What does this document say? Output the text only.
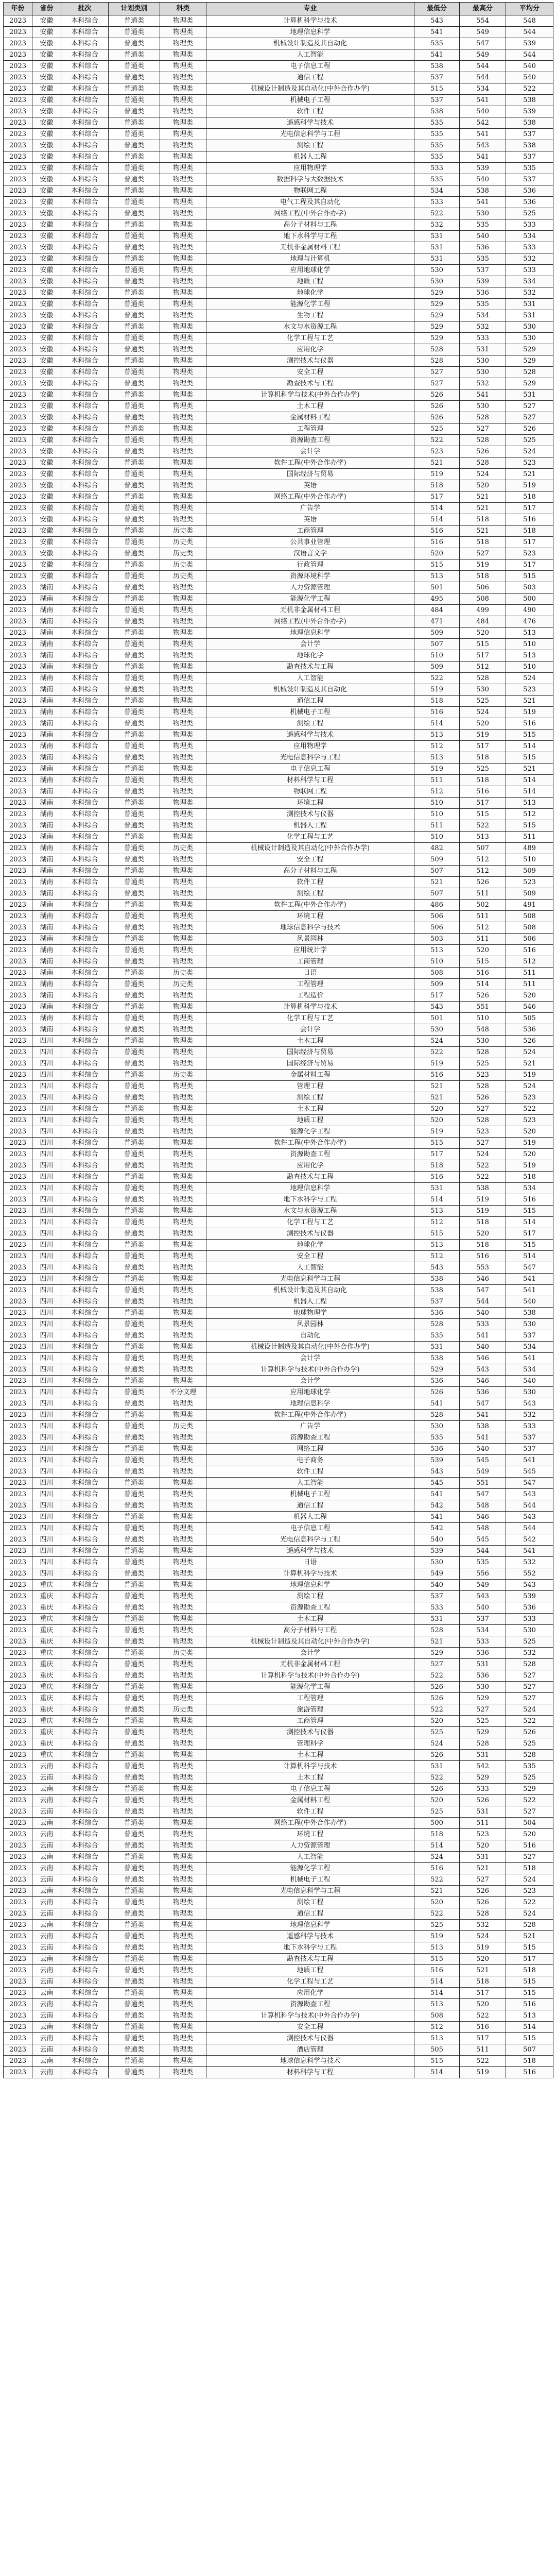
年份	省份	批次	计划类别	科类	专业	最低分	最高分	平均分
2023	安徽	本科综合	普通类	物理类	计算机科学与技术	543	554	548
2023	安徽	本科综合	普通类	物理类	地理信息科学	541	549	544
2023	安徽	本科综合	普通类	物理类	机械设计制造及其自动化	535	547	539
2023	安徽	本科综合	普通类	物理类	人工智能	541	549	544
2023	安徽	本科综合	普通类	物理类	电子信息工程	538	544	540
2023	安徽	本科综合	普通类	物理类	通信工程	537	544	540
2023	安徽	本科综合	普通类	物理类	机械设计制造及其自动化(中外合作办学)	515	534	522
2023	安徽	本科综合	普通类	物理类	机械电子工程	537	541	538
2023	安徽	本科综合	普通类	物理类	软件工程	538	540	539
2023	安徽	本科综合	普通类	物理类	遥感科学与技术	535	542	538
2023	安徽	本科综合	普通类	物理类	光电信息科学与工程	535	541	537
2023	安徽	本科综合	普通类	物理类	测绘工程	535	543	538
2023	安徽	本科综合	普通类	物理类	机器人工程	535	541	537
2023	安徽	本科综合	普通类	物理类	应用物理学	533	539	535
2023	安徽	本科综合	普通类	物理类	数据科学与大数据技术	535	540	537
2023	安徽	本科综合	普通类	物理类	物联网工程	534	538	536
2023	安徽	本科综合	普通类	物理类	电气工程及其自动化	533	541	536
2023	安徽	本科综合	普通类	物理类	网络工程(中外合作办学)	522	530	525
2023	安徽	本科综合	普通类	物理类	高分子材料与工程	532	535	533
2023	安徽	本科综合	普通类	物理类	地下水科学与工程	531	540	534
2023	安徽	本科综合	普通类	物理类	无机非金属材料工程	531	536	533
2023	安徽	本科综合	普通类	物理类	地理与计算机	531	535	532
2023	安徽	本科综合	普通类	物理类	应用地球化学	530	537	533
2023	安徽	本科综合	普通类	物理类	地质工程	530	539	534
2023	安徽	本科综合	普通类	物理类	地球化学	529	536	532
2023	安徽	本科综合	普通类	物理类	能源化学工程	529	535	531
2023	安徽	本科综合	普通类	物理类	生物工程	529	534	531
2023	安徽	本科综合	普通类	物理类	水文与水资源工程	529	532	530
2023	安徽	本科综合	普通类	物理类	化学工程与工艺	529	533	530
2023	安徽	本科综合	普通类	物理类	应用化学	528	531	529
2023	安徽	本科综合	普通类	物理类	测控技术与仪器	528	530	529
2023	安徽	本科综合	普通类	物理类	安全工程	527	530	528
2023	安徽	本科综合	普通类	物理类	勘查技术与工程	527	532	529
2023	安徽	本科综合	普通类	物理类	计算机科学与技术(中外合作办学)	526	541	531
2023	安徽	本科综合	普通类	物理类	土木工程	526	530	527
2023	安徽	本科综合	普通类	物理类	金属材料工程	526	528	527
2023	安徽	本科综合	普通类	物理类	工程管理	525	527	526
2023	安徽	本科综合	普通类	物理类	资源勘查工程	522	528	525
2023	安徽	本科综合	普通类	物理类	会计学	523	526	524
2023	安徽	本科综合	普通类	物理类	软件工程(中外合作办学)	521	528	523
2023	安徽	本科综合	普通类	物理类	国际经济与贸易	519	524	521
2023	安徽	本科综合	普通类	物理类	英语	518	520	519
2023	安徽	本科综合	普通类	物理类	网络工程(中外合作办学)	517	521	518
2023	安徽	本科综合	普通类	物理类	广告学	514	521	517
2023	安徽	本科综合	普通类	物理类	英语	514	518	516
2023	安徽	本科综合	普通类	历史类	工商管理	516	521	518
2023	安徽	本科综合	普通类	历史类	公共事业管理	516	518	517
2023	安徽	本科综合	普通类	历史类	汉语言文学	520	527	523
2023	安徽	本科综合	普通类	历史类	行政管理	515	519	517
2023	安徽	本科综合	普通类	历史类	资源环境科学	513	518	515
2023	湖南	本科综合	普通类	物理类	人力资源管理	501	506	503
2023	湖南	本科综合	普通类	物理类	能源化学工程	495	508	500
2023	湖南	本科综合	普通类	物理类	无机非金属材料工程	484	499	490
2023	湖南	本科综合	普通类	物理类	网络工程(中外合作办学)	471	484	476
2023	湖南	本科综合	普通类	物理类	地理信息科学	509	520	513
2023	湖南	本科综合	普通类	物理类	会计学	507	515	510
2023	湖南	本科综合	普通类	物理类	地球化学	510	517	513
2023	湖南	本科综合	普通类	物理类	勘查技术与工程	509	512	510
2023	湖南	本科综合	普通类	物理类	人工智能	522	528	524
2023	湖南	本科综合	普通类	物理类	机械设计制造及其自动化	519	530	523
2023	湖南	本科综合	普通类	物理类	通信工程	518	525	521
2023	湖南	本科综合	普通类	物理类	机械电子工程	516	524	519
2023	湖南	本科综合	普通类	物理类	测绘工程	514	520	516
2023	湖南	本科综合	普通类	物理类	遥感科学与技术	513	519	515
2023	湖南	本科综合	普通类	物理类	应用物理学	512	517	514
2023	湖南	本科综合	普通类	物理类	光电信息科学与工程	513	518	515
2023	湖南	本科综合	普通类	物理类	电子信息工程	519	525	521
2023	湖南	本科综合	普通类	物理类	材料科学与工程	511	518	514
2023	湖南	本科综合	普通类	物理类	物联网工程	512	516	514
2023	湖南	本科综合	普通类	物理类	环境工程	510	517	513
2023	湖南	本科综合	普通类	物理类	测控技术与仪器	510	515	512
2023	湖南	本科综合	普通类	物理类	机器人工程	511	522	515
2023	湖南	本科综合	普通类	物理类	化学工程与工艺	510	513	511
2023	湖南	本科综合	普通类	历史类	机械设计制造及其自动化(中外合作办学)	482	507	489
2023	湖南	本科综合	普通类	物理类	安全工程	509	512	510
2023	湖南	本科综合	普通类	物理类	高分子材料与工程	507	512	509
2023	湖南	本科综合	普通类	物理类	软件工程	521	526	523
2023	湖南	本科综合	普通类	物理类	测绘工程	507	511	509
2023	湖南	本科综合	普通类	物理类	软件工程(中外合作办学)	486	502	491
2023	湖南	本科综合	普通类	物理类	环境工程	506	511	508
2023	湖南	本科综合	普通类	物理类	地球信息科学与技术	506	512	508
2023	湖南	本科综合	普通类	物理类	风景园林	503	511	506
2023	湖南	本科综合	普通类	物理类	应用统计学	513	520	516
2023	湖南	本科综合	普通类	物理类	工商管理	510	515	512
2023	湖南	本科综合	普通类	历史类	日语	508	516	511
2023	湖南	本科综合	普通类	历史类	工程管理	509	514	511
2023	湖南	本科综合	普通类	物理类	工程造价	517	526	520
2023	湖南	本科综合	普通类	物理类	计算机科学与技术	543	551	546
2023	湖南	本科综合	普通类	物理类	化学工程与工艺	501	510	505
2023	湖南	本科综合	普通类	物理类	会计学	530	548	536
2023	四川	本科综合	普通类	物理类	土木工程	524	530	526
2023	四川	本科综合	普通类	物理类	国际经济与贸易	522	528	524
2023	四川	本科综合	普通类	物理类	国际经济与贸易	519	525	521
2023	四川	本科综合	普通类	历史类	金属材料工程	516	523	519
2023	四川	本科综合	普通类	物理类	管理工程	521	528	524
2023	四川	本科综合	普通类	物理类	测绘工程	521	526	523
2023	四川	本科综合	普通类	物理类	土木工程	520	527	522
2023	四川	本科综合	普通类	物理类	地质工程	520	528	523
2023	四川	本科综合	普通类	物理类	能源化学工程	519	523	520
2023	四川	本科综合	普通类	物理类	软件工程(中外合作办学)	515	527	519
2023	四川	本科综合	普通类	物理类	资源勘查工程	517	524	520
2023	四川	本科综合	普通类	物理类	应用化学	518	522	519
2023	四川	本科综合	普通类	物理类	勘查技术与工程	516	522	518
2023	四川	本科综合	普通类	物理类	地理信息科学	531	538	534
2023	四川	本科综合	普通类	物理类	地下水科学与工程	514	519	516
2023	四川	本科综合	普通类	物理类	水文与水资源工程	513	519	515
2023	四川	本科综合	普通类	物理类	化学工程与工艺	512	518	514
2023	四川	本科综合	普通类	物理类	测控技术与仪器	515	520	517
2023	四川	本科综合	普通类	物理类	地球化学	513	518	515
2023	四川	本科综合	普通类	物理类	安全工程	512	516	514
2023	四川	本科综合	普通类	物理类	人工智能	543	553	547
2023	四川	本科综合	普通类	物理类	光电信息科学与工程	538	546	541
2023	四川	本科综合	普通类	物理类	机械设计制造及其自动化	538	547	541
2023	四川	本科综合	普通类	物理类	机器人工程	537	544	540
2023	四川	本科综合	普通类	物理类	地球物理学	536	540	538
2023	四川	本科综合	普通类	物理类	风景园林	528	533	530
2023	四川	本科综合	普通类	物理类	自动化	535	541	537
2023	四川	本科综合	普通类	物理类	机械设计制造及其自动化(中外合作办学)	531	540	534
2023	四川	本科综合	普通类	物理类	会计学	538	546	541
2023	四川	本科综合	普通类	物理类	计算机科学与技术(中外合作办学)	529	543	534
2023	四川	本科综合	普通类	物理类	会计学	536	546	540
2023	四川	本科综合	普通类	不分文理	应用地球化学	526	536	530
2023	四川	本科综合	普通类	物理类	地理信息科学	541	547	543
2023	四川	本科综合	普通类	物理类	软件工程(中外合作办学)	528	541	532
2023	四川	本科综合	普通类	历史类	广告学	530	538	533
2023	四川	本科综合	普通类	物理类	资源勘查工程	535	541	537
2023	四川	本科综合	普通类	物理类	网络工程	536	540	537
2023	四川	本科综合	普通类	物理类	电子商务	539	545	541
2023	四川	本科综合	普通类	物理类	软件工程	543	549	545
2023	四川	本科综合	普通类	物理类	人工智能	545	551	547
2023	四川	本科综合	普通类	物理类	机械电子工程	541	547	543
2023	四川	本科综合	普通类	物理类	通信工程	542	548	544
2023	四川	本科综合	普通类	物理类	机器人工程	541	546	543
2023	四川	本科综合	普通类	物理类	电子信息工程	542	548	544
2023	四川	本科综合	普通类	物理类	光电信息科学与工程	540	545	542
2023	四川	本科综合	普通类	物理类	遥感科学与技术	539	544	541
2023	四川	本科综合	普通类	物理类	日语	530	535	532
2023	四川	本科综合	普通类	物理类	计算机科学与技术	549	556	552
2023	重庆	本科综合	普通类	物理类	地理信息科学	540	549	543
2023	重庆	本科综合	普通类	物理类	测绘工程	537	543	539
2023	重庆	本科综合	普通类	物理类	资源勘查工程	533	540	536
2023	重庆	本科综合	普通类	物理类	土木工程	531	537	533
2023	重庆	本科综合	普通类	物理类	高分子材料与工程	528	534	530
2023	重庆	本科综合	普通类	物理类	机械设计制造及其自动化(中外合作办学)	521	533	525
2023	重庆	本科综合	普通类	历史类	会计学	529	536	532
2023	重庆	本科综合	普通类	物理类	无机非金属材料工程	527	531	528
2023	重庆	本科综合	普通类	物理类	计算机科学与技术(中外合作办学)	522	536	527
2023	重庆	本科综合	普通类	物理类	能源化学工程	526	530	527
2023	重庆	本科综合	普通类	物理类	工程管理	526	529	527
2023	重庆	本科综合	普通类	历史类	旅游管理	522	527	524
2023	重庆	本科综合	普通类	物理类	工商管理	520	525	522
2023	重庆	本科综合	普通类	物理类	测控技术与仪器	525	529	526
2023	重庆	本科综合	普通类	物理类	管理科学	524	528	525
2023	重庆	本科综合	普通类	物理类	土木工程	526	531	528
2023	云南	本科综合	普通类	物理类	计算机科学与技术	531	542	535
2023	云南	本科综合	普通类	物理类	土木工程	522	529	525
2023	云南	本科综合	普通类	物理类	电子信息工程	526	533	529
2023	云南	本科综合	普通类	物理类	金属材料工程	520	526	522
2023	云南	本科综合	普通类	物理类	软件工程	525	531	527
2023	云南	本科综合	普通类	物理类	网络工程(中外合作办学)	500	511	504
2023	云南	本科综合	普通类	物理类	环境工程	518	523	520
2023	云南	本科综合	普通类	物理类	人力资源管理	514	520	516
2023	云南	本科综合	普通类	物理类	人工智能	524	531	527
2023	云南	本科综合	普通类	物理类	能源化学工程	516	521	518
2023	云南	本科综合	普通类	物理类	机械电子工程	522	527	524
2023	云南	本科综合	普通类	物理类	光电信息科学与工程	521	526	523
2023	云南	本科综合	普通类	物理类	测绘工程	520	526	522
2023	云南	本科综合	普通类	物理类	通信工程	522	528	524
2023	云南	本科综合	普通类	物理类	地理信息科学	525	532	528
2023	云南	本科综合	普通类	物理类	遥感科学与技术	519	524	521
2023	云南	本科综合	普通类	物理类	地下水科学与工程	513	519	515
2023	云南	本科综合	普通类	物理类	勘查技术与工程	515	520	517
2023	云南	本科综合	普通类	物理类	地质工程	516	521	518
2023	云南	本科综合	普通类	物理类	化学工程与工艺	514	518	515
2023	云南	本科综合	普通类	物理类	应用化学	514	517	515
2023	云南	本科综合	普通类	物理类	资源勘查工程	513	520	516
2023	云南	本科综合	普通类	物理类	计算机科学与技术(中外合作办学)	508	522	513
2023	云南	本科综合	普通类	物理类	安全工程	512	516	514
2023	云南	本科综合	普通类	物理类	测控技术与仪器	513	517	515
2023	云南	本科综合	普通类	物理类	酒店管理	505	511	507
2023	云南	本科综合	普通类	物理类	地球信息科学与技术	515	522	518
2023	云南	本科综合	普通类	物理类	材料科学与工程	514	519	516
